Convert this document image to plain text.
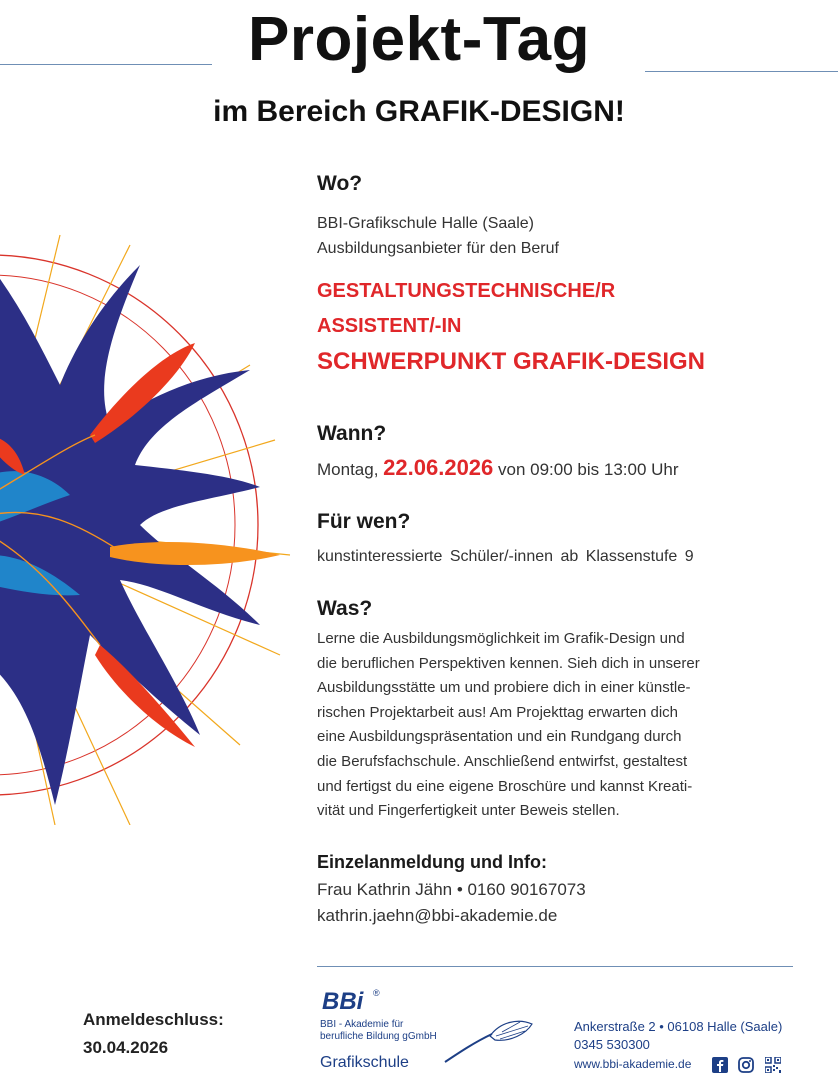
Projekt-Tag
im Bereich GRAFIK-DESIGN!
Wo?
BBI-Grafikschule Halle (Saale)
Ausbildungsanbieter für den Beruf
GESTALTUNGSTECHNISCHE/R
ASSISTENT/-IN
SCHWERPUNKT GRAFIK-DESIGN
Wann?
Montag, 22.06.2026 von 09:00 bis 13:00 Uhr
Für wen?
kunstinteressierte Schüler/-innen ab Klassenstufe 9
Was?
Lerne die Ausbildungsmöglichkeit im Grafik-Design und
die beruflichen Perspektiven kennen. Sieh dich in unserer
Ausbildungsstätte um und probiere dich in einer künstle-
rischen Projektarbeit aus! Am Projekttag erwarten dich
eine Ausbildungspräsentation und ein Rundgang durch
die Berufsfachschule. Anschließend entwirfst, gestaltest
und fertigst du eine eigene Broschüre und kannst Kreati-
vität und Fingerfertigkeit unter Beweis stellen.
Einzelanmeldung und Info:
Frau Kathrin Jähn • 0160 90167073
kathrin.jaehn@bbi-akademie.de
Anmeldeschluss:
30.04.2026
BBi ®
BBI - Akademie für
berufliche Bildung gGmbH
Grafikschule
Ankerstraße 2 • 06108 Halle (Saale)
0345 530300
www.bbi-akademie.de
